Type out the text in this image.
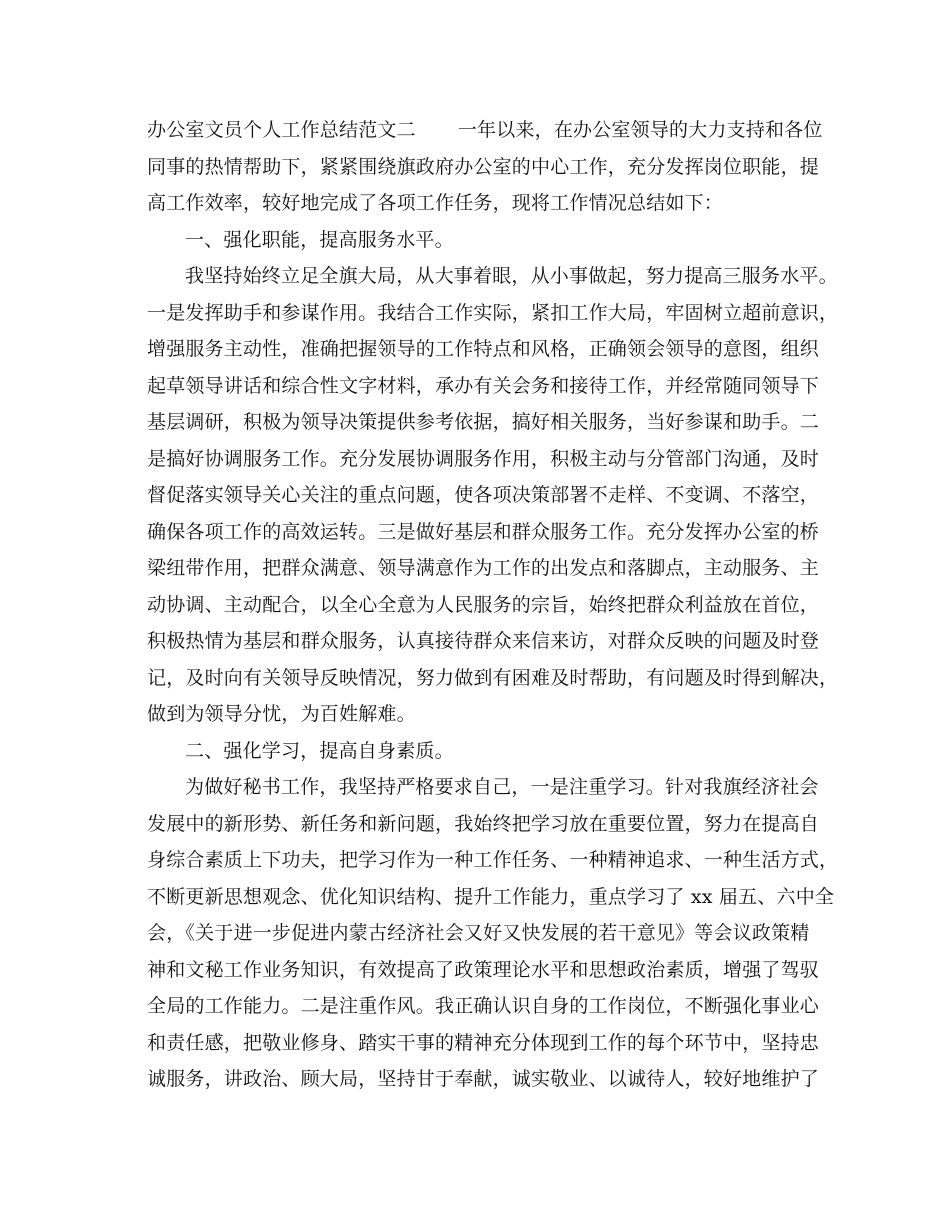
办公室文员个人工作总结范文二 一年以来，在办公室领导的大力支持和各位
同事的热情帮助下，紧紧围绕旗政府办公室的中心工作，充分发挥岗位职能，提
高工作效率，较好地完成了各项工作任务，现将工作情况总结如下：
一、强化职能，提高服务水平。
我坚持始终立足全旗大局，从大事着眼，从小事做起，努力提高三服务水平。
一是发挥助手和参谋作用。我结合工作实际，紧扣工作大局，牢固树立超前意识，
增强服务主动性，准确把握领导的工作特点和风格，正确领会领导的意图，组织
起草领导讲话和综合性文字材料，承办有关会务和接待工作，并经常随同领导下
基层调研，积极为领导决策提供参考依据，搞好相关服务，当好参谋和助手。二
是搞好协调服务工作。充分发展协调服务作用，积极主动与分管部门沟通，及时
督促落实领导关心关注的重点问题，使各项决策部署不走样、不变调、不落空，
确保各项工作的高效运转。三是做好基层和群众服务工作。充分发挥办公室的桥
梁纽带作用，把群众满意、领导满意作为工作的出发点和落脚点，主动服务、主
动协调、主动配合，以全心全意为人民服务的宗旨，始终把群众利益放在首位，
积极热情为基层和群众服务，认真接待群众来信来访，对群众反映的问题及时登
记，及时向有关领导反映情况，努力做到有困难及时帮助，有问题及时得到解决，
做到为领导分忧，为百姓解难。
二、强化学习，提高自身素质。
为做好秘书工作，我坚持严格要求自己，一是注重学习。针对我旗经济社会
发展中的新形势、新任务和新问题，我始终把学习放在重要位置，努力在提高自
身综合素质上下功夫，把学习作为一种工作任务、一种精神追求、一种生活方式，
不断更新思想观念、优化知识结构、提升工作能力，重点学习了 xx 届五、六中全
会，《关于进一步促进内蒙古经济社会又好又快发展的若干意见》等会议政策精
神和文秘工作业务知识，有效提高了政策理论水平和思想政治素质，增强了驾驭
全局的工作能力。二是注重作风。我正确认识自身的工作岗位，不断强化事业心
和责任感，把敬业修身、踏实干事的精神充分体现到工作的每个环节中，坚持忠
诚服务，讲政治、顾大局，坚持甘于奉献，诚实敬业、以诚待人，较好地维护了
